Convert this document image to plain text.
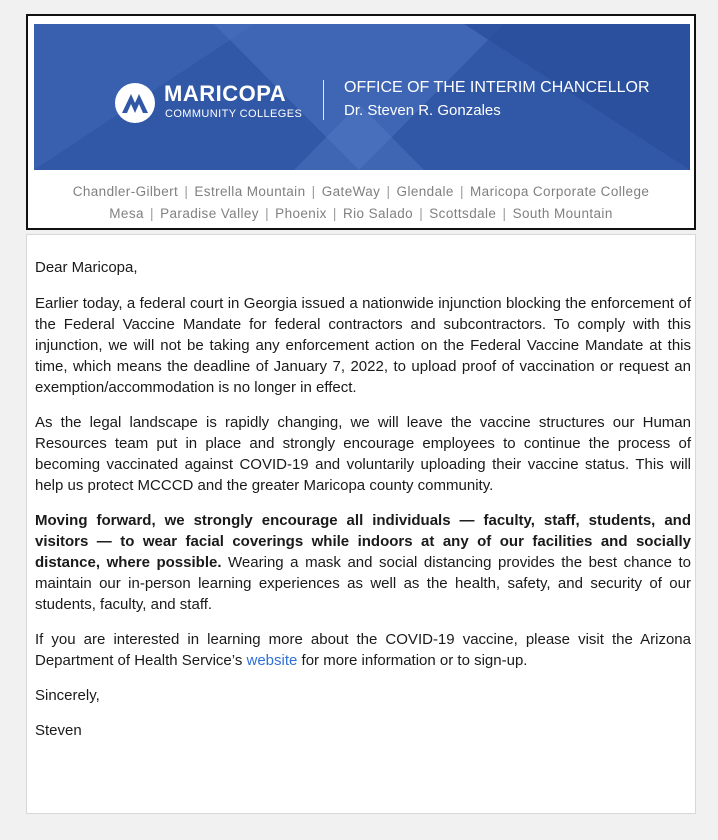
MARICOPA
COMMUNITY COLLEGES
OFFICE OF THE INTERIM CHANCELLOR
Dr. Steven R. Gonzales
Chandler-Gilbert | Estrella Mountain | GateWay | Glendale | Maricopa Corporate College
Mesa | Paradise Valley | Phoenix | Rio Salado | Scottsdale | South Mountain

Dear Maricopa,

Earlier today, a federal court in Georgia issued a nationwide injunction blocking the enforcement of the Federal Vaccine Mandate for federal contractors and subcontractors. To comply with this injunction, we will not be taking any enforcement action on the Federal Vaccine Mandate at this time, which means the deadline of January 7, 2022, to upload proof of vaccination or request an exemption/accommodation is no longer in effect.

As the legal landscape is rapidly changing, we will leave the vaccine structures our Human Resources team put in place and strongly encourage employees to continue the process of becoming vaccinated against COVID-19 and voluntarily uploading their vaccine status. This will help us protect MCCCD and the greater Maricopa county community.

Moving forward, we strongly encourage all individuals — faculty, staff, students, and visitors — to wear facial coverings while indoors at any of our facilities and socially distance, where possible. Wearing a mask and social distancing provides the best chance to maintain our in-person learning experiences as well as the health, safety, and security of our students, faculty, and staff.

If you are interested in learning more about the COVID-19 vaccine, please visit the Arizona Department of Health Service’s website for more information or to sign-up.

Sincerely,

Steven
